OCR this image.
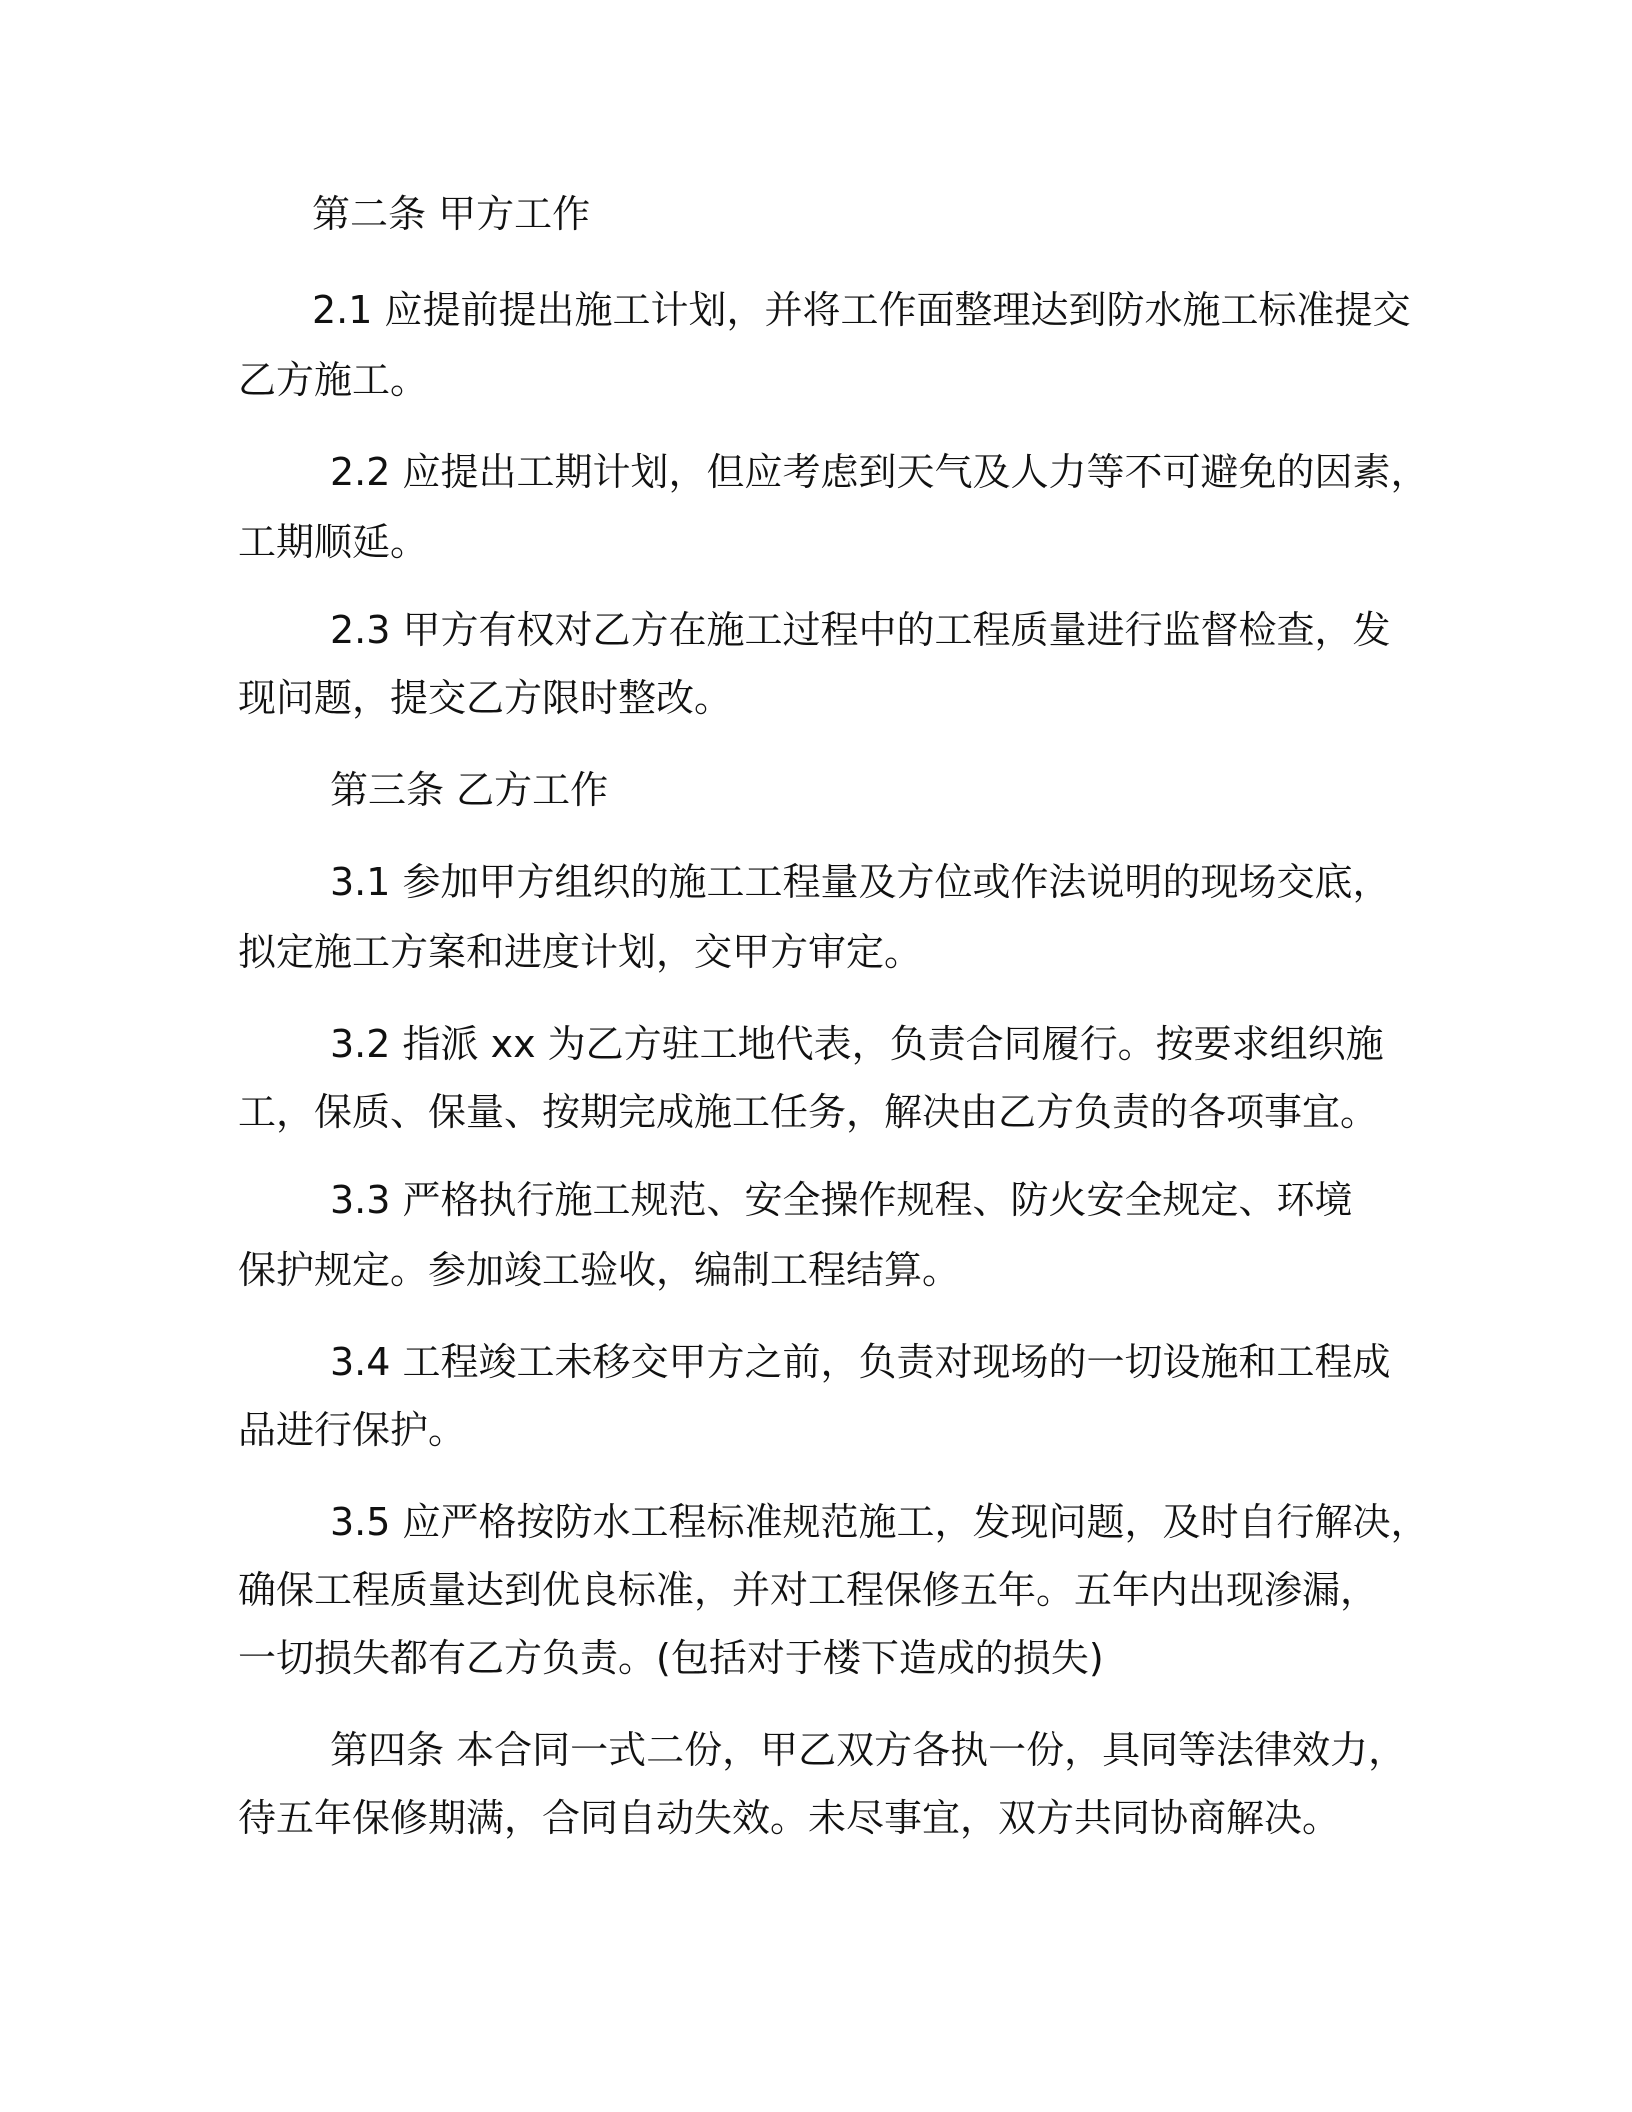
第二条 甲方工作
2.1 应提前提出施工计划，并将工作面整理达到防水施工标准提交
乙方施工。
2.2 应提出工期计划，但应考虑到天气及人力等不可避免的因素，
工期顺延。
2.3 甲方有权对乙方在施工过程中的工程质量进行监督检查，发
现问题，提交乙方限时整改。
第三条 乙方工作
3.1 参加甲方组织的施工工程量及方位或作法说明的现场交底，
拟定施工方案和进度计划，交甲方审定。
3.2 指派 xx 为乙方驻工地代表，负责合同履行。按要求组织施
工，保质、保量、按期完成施工任务，解决由乙方负责的各项事宜。
3.3 严格执行施工规范、安全操作规程、防火安全规定、环境
保护规定。参加竣工验收，编制工程结算。
3.4 工程竣工未移交甲方之前，负责对现场的一切设施和工程成
品进行保护。
3.5 应严格按防水工程标准规范施工，发现问题，及时自行解决，
确保工程质量达到优良标准，并对工程保修五年。五年内出现渗漏，
一切损失都有乙方负责。(包括对于楼下造成的损失)
第四条 本合同一式二份，甲乙双方各执一份，具同等法律效力，
待五年保修期满，合同自动失效。未尽事宜，双方共同协商解决。
